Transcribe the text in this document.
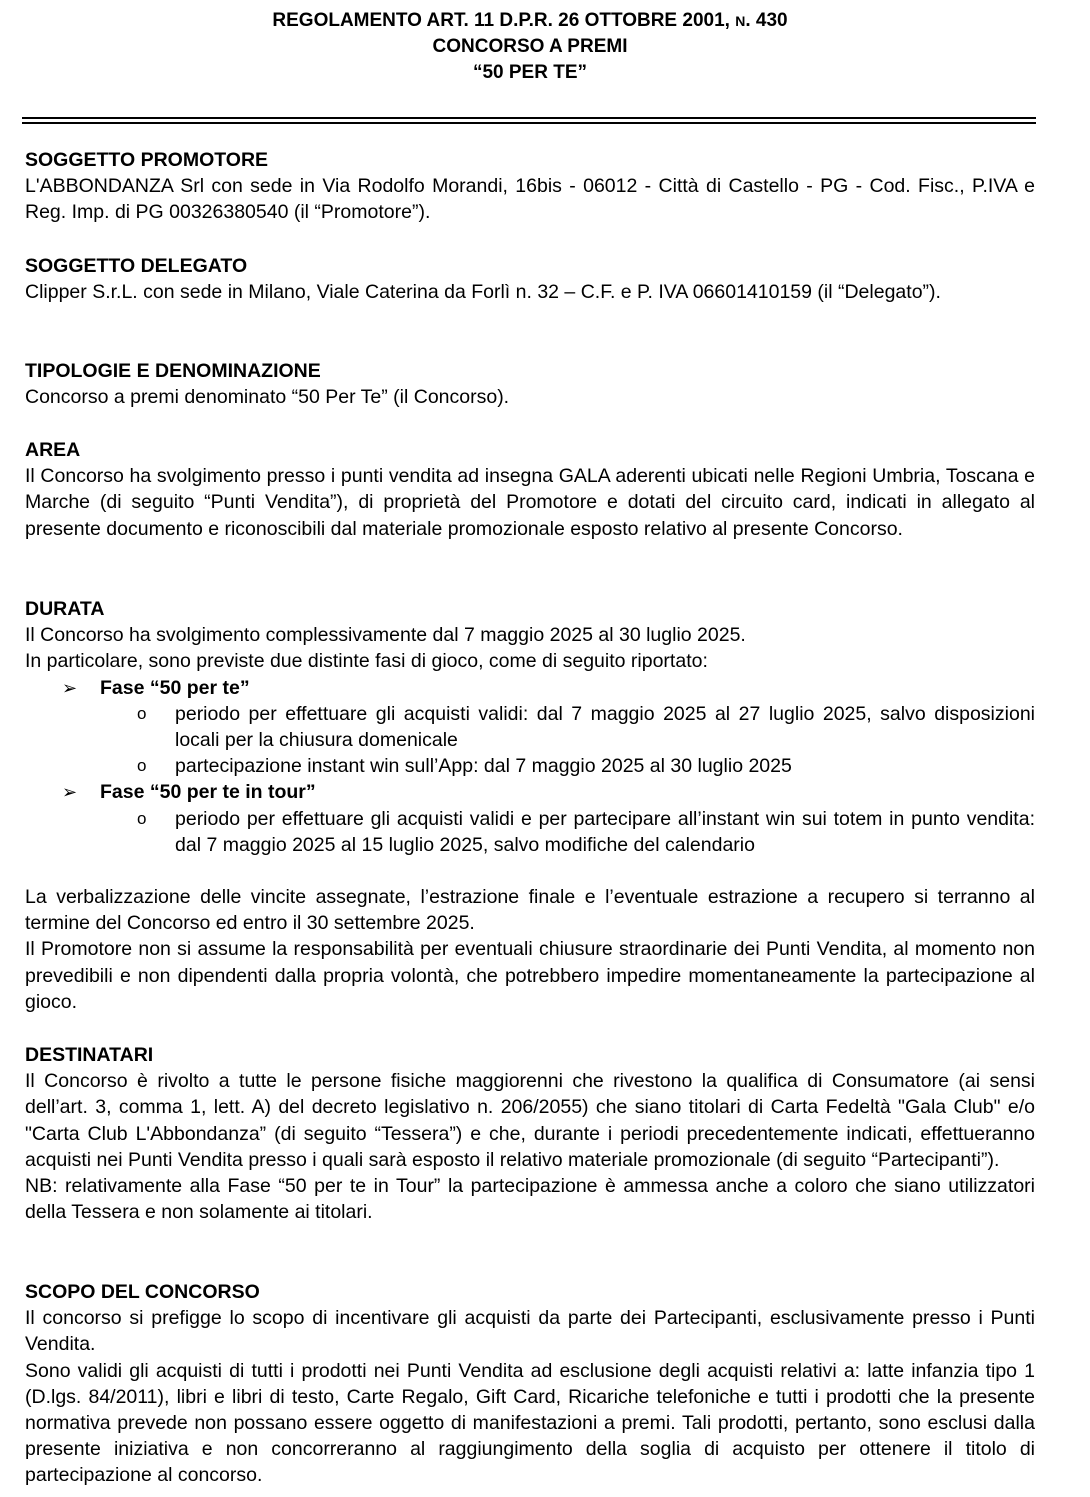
REGOLAMENTO ART. 11 D.P.R. 26 OTTOBRE 2001, N. 430
CONCORSO A PREMI
“50 PER TE”
SOGGETTO PROMOTORE

L'ABBONDANZA Srl con sede in Via Rodolfo Morandi, 16bis - 06012 - Città di Castello - PG - Cod. Fisc., P.IVA e Reg. Imp. di PG 00326380540 (il “Promotore”).

SOGGETTO DELEGATO

Clipper S.r.L. con sede in Milano, Viale Caterina da Forlì n. 32 – C.F. e P. IVA 06601410159 (il “Delegato”).

TIPOLOGIE E DENOMINAZIONE

Concorso a premi denominato “50 Per Te” (il Concorso).

AREA

Il Concorso ha svolgimento presso i punti vendita ad insegna GALA aderenti ubicati nelle Regioni Umbria, Toscana e Marche (di seguito “Punti Vendita”), di proprietà del Promotore e dotati del circuito card, indicati in allegato al presente documento e riconoscibili dal materiale promozionale esposto relativo al presente Concorso.

DURATA

Il Concorso ha svolgimento complessivamente dal 7 maggio 2025 al 30 luglio 2025.

In particolare, sono previste due distinte fasi di gioco, come di seguito riportato:

➢ Fase “50 per te”
o periodo per effettuare gli acquisti validi: dal 7 maggio 2025 al 27 luglio 2025, salvo disposizioni locali per la chiusura domenicale
o partecipazione instant win sull’App: dal 7 maggio 2025 al 30 luglio 2025
➢ Fase “50 per te in tour”
o periodo per effettuare gli acquisti validi e per partecipare all’instant win sui totem in punto vendita: dal 7 maggio 2025 al 15 luglio 2025, salvo modifiche del calendario

La verbalizzazione delle vincite assegnate, l’estrazione finale e l’eventuale estrazione a recupero si terranno al termine del Concorso ed entro il 30 settembre 2025.

Il Promotore non si assume la responsabilità per eventuali chiusure straordinarie dei Punti Vendita, al momento non prevedibili e non dipendenti dalla propria volontà, che potrebbero impedire momentaneamente la partecipazione al gioco.

DESTINATARI

Il Concorso è rivolto a tutte le persone fisiche maggiorenni che rivestono la qualifica di Consumatore (ai sensi dell’art. 3, comma 1, lett. A) del decreto legislativo n. 206/2055) che siano titolari di Carta Fedeltà "Gala Club" e/o "Carta Club L'Abbondanza” (di seguito “Tessera”) e che, durante i periodi precedentemente indicati, effettueranno acquisti nei Punti Vendita presso i quali sarà esposto il relativo materiale promozionale (di seguito “Partecipanti”).

NB: relativamente alla Fase “50 per te in Tour” la partecipazione è ammessa anche a coloro che siano utilizzatori della Tessera e non solamente ai titolari.

SCOPO DEL CONCORSO

Il concorso si prefigge lo scopo di incentivare gli acquisti da parte dei Partecipanti, esclusivamente presso i Punti Vendita.

Sono validi gli acquisti di tutti i prodotti nei Punti Vendita ad esclusione degli acquisti relativi a: latte infanzia tipo 1 (D.lgs. 84/2011), libri e libri di testo, Carte Regalo, Gift Card, Ricariche telefoniche e tutti i prodotti che la presente normativa prevede non possano essere oggetto di manifestazioni a premi. Tali prodotti, pertanto, sono esclusi dalla presente iniziativa e non concorreranno al raggiungimento della soglia di acquisto per ottenere il titolo di partecipazione al concorso.
